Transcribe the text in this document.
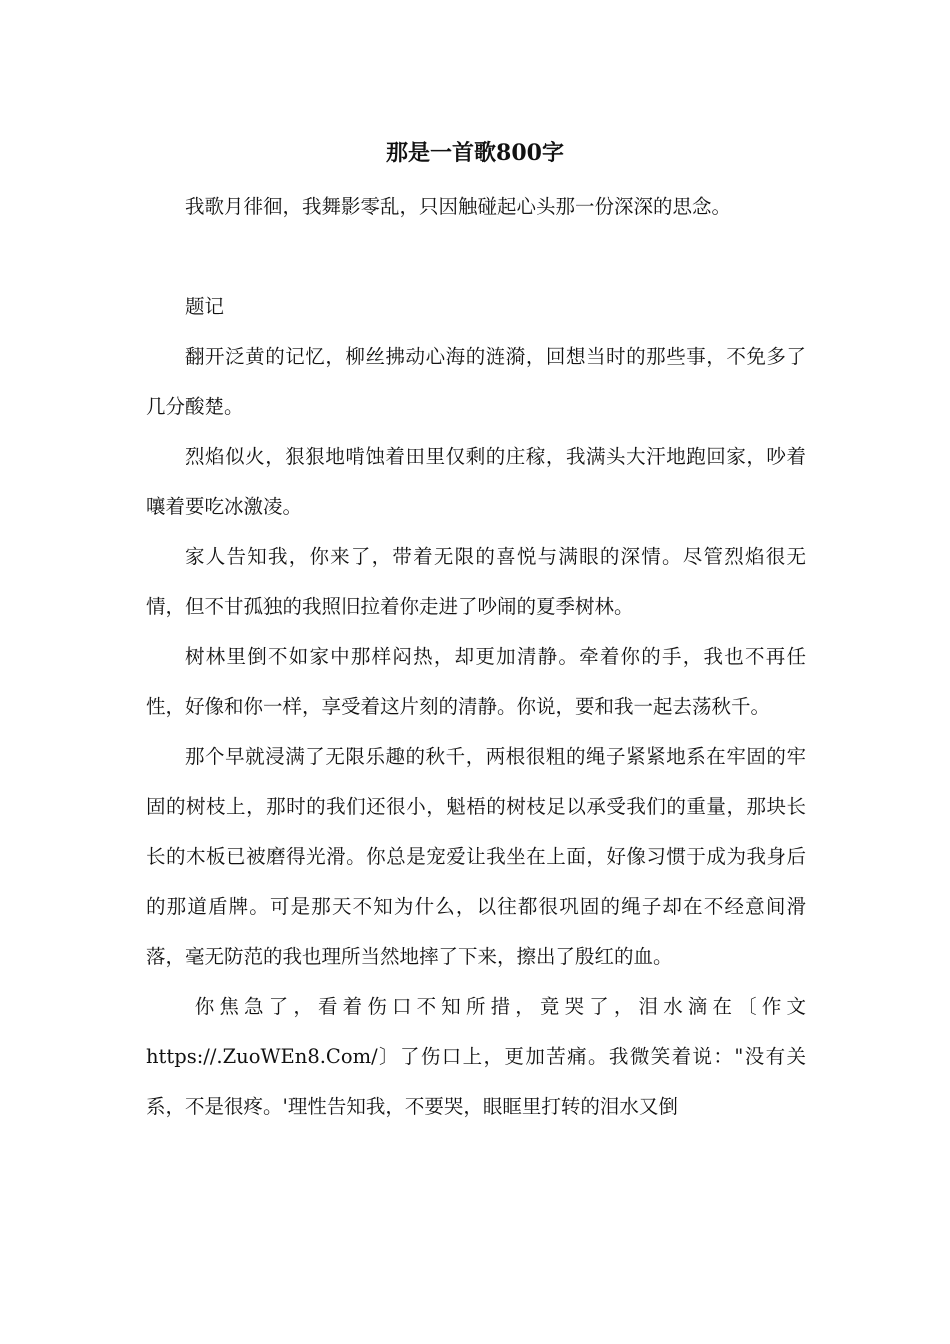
那是一首歌800字

我歌月徘徊，我舞影零乱，只因触碰起心头那一份深深的思念。

题记

翻开泛黄的记忆，柳丝拂动心海的涟漪，回想当时的那些事，不免多了几分酸楚。

烈焰似火，狠狠地啃蚀着田里仅剩的庄稼，我满头大汗地跑回家，吵着嚷着要吃冰激凌。

家人告知我，你来了，带着无限的喜悦与满眼的深情。尽管烈焰很无情，但不甘孤独的我照旧拉着你走进了吵闹的夏季树林。

树林里倒不如家中那样闷热，却更加清静。牵着你的手，我也不再任性，好像和你一样，享受着这片刻的清静。你说，要和我一起去荡秋千。

那个早就浸满了无限乐趣的秋千，两根很粗的绳子紧紧地系在牢固的牢固的树枝上，那时的我们还很小，魁梧的树枝足以承受我们的重量，那块长长的木板已被磨得光滑。你总是宠爱让我坐在上面，好像习惯于成为我身后的那道盾牌。可是那天不知为什么，以往都很巩固的绳子却在不经意间滑落，毫无防范的我也理所当然地摔了下来，擦出了殷红的血。

你焦急了，看着伤口不知所措，竟哭了，泪水滴在〔作文https://.ZuoWEn8.Com/〕了伤口上，更加苦痛。我微笑着说："没有关系，不是很疼。'理性告知我，不要哭，眼眶里打转的泪水又倒
